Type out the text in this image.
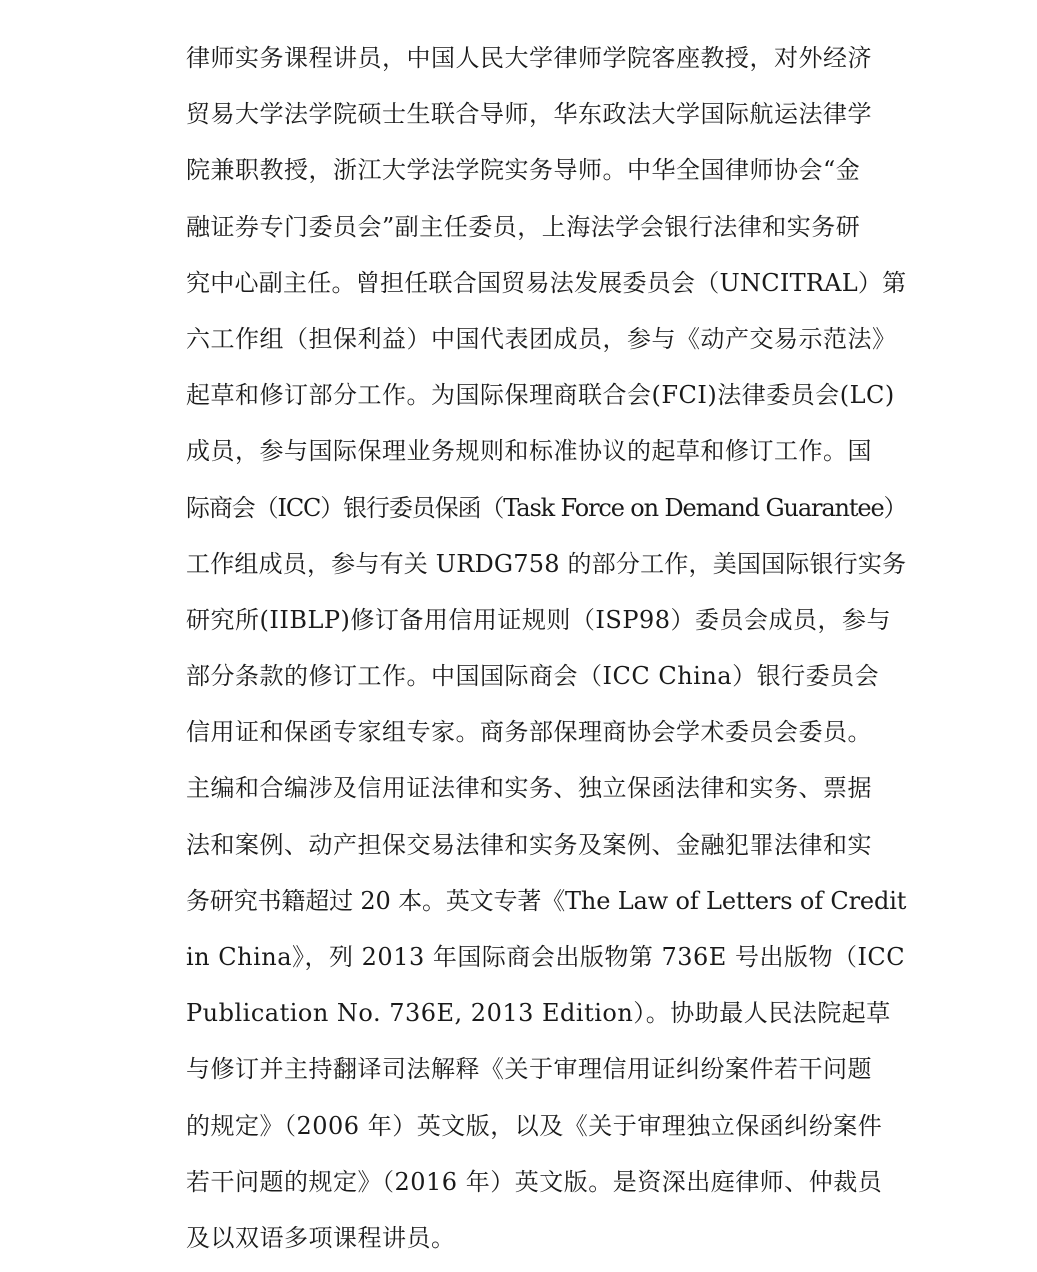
律师实务课程讲员，中国人民大学律师学院客座教授，对外经济
贸易大学法学院硕士生联合导师，华东政法大学国际航运法律学
院兼职教授，浙江大学法学院实务导师。中华全国律师协会“金
融证券专门委员会”副主任委员，上海法学会银行法律和实务研
究中心副主任。曾担任联合国贸易法发展委员会（UNCITRAL）第
六工作组（担保利益）中国代表团成员，参与《动产交易示范法》
起草和修订部分工作。为国际保理商联合会(FCI)法律委员会(LC)
成员，参与国际保理业务规则和标准协议的起草和修订工作。国
际商会（ICC）银行委员保函（Task Force on Demand Guarantee）
工作组成员，参与有关 URDG758 的部分工作，美国国际银行实务
研究所(IIBLP)修订备用信用证规则（ISP98）委员会成员，参与
部分条款的修订工作。中国国际商会（ICC China）银行委员会
信用证和保函专家组专家。商务部保理商协会学术委员会委员。
主编和合编涉及信用证法律和实务、独立保函法律和实务、票据
法和案例、动产担保交易法律和实务及案例、金融犯罪法律和实
务研究书籍超过 20 本。英文专著《The Law of Letters of Credit
in China》，列 2013 年国际商会出版物第 736E 号出版物（ICC
Publication No. 736E, 2013 Edition）。协助最人民法院起草
与修订并主持翻译司法解释《关于审理信用证纠纷案件若干问题
的规定》（2006 年）英文版，以及《关于审理独立保函纠纷案件
若干问题的规定》（2016 年）英文版。是资深出庭律师、仲裁员
及以双语多项课程讲员。
